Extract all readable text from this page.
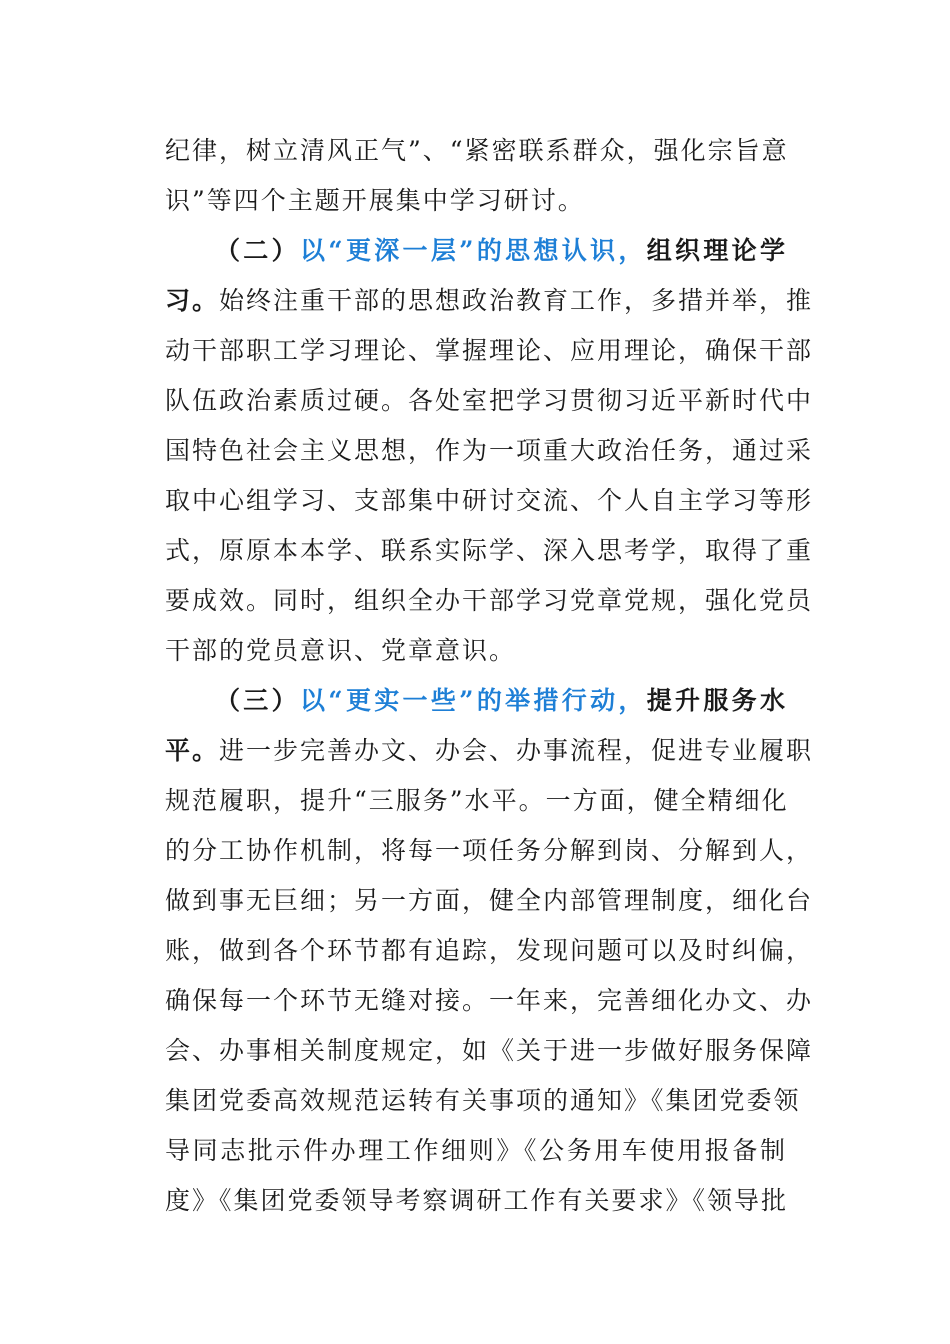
纪律，树立清风正气”、“紧密联系群众，强化宗旨意
识”等四个主题开展集中学习研讨。
（二）以“更深一层”的思想认识，组织理论学
习。始终注重干部的思想政治教育工作，多措并举，推
动干部职工学习理论、掌握理论、应用理论，确保干部
队伍政治素质过硬。各处室把学习贯彻习近平新时代中
国特色社会主义思想，作为一项重大政治任务，通过采
取中心组学习、支部集中研讨交流、个人自主学习等形
式，原原本本学、联系实际学、深入思考学，取得了重
要成效。同时，组织全办干部学习党章党规，强化党员
干部的党员意识、党章意识。
（三）以“更实一些”的举措行动，提升服务水
平。进一步完善办文、办会、办事流程，促进专业履职
规范履职，提升“三服务”水平。一方面，健全精细化
的分工协作机制，将每一项任务分解到岗、分解到人，
做到事无巨细；另一方面，健全内部管理制度，细化台
账，做到各个环节都有追踪，发现问题可以及时纠偏，
确保每一个环节无缝对接。一年来，完善细化办文、办
会、办事相关制度规定，如《关于进一步做好服务保障
集团党委高效规范运转有关事项的通知》《集团党委领
导同志批示件办理工作细则》《公务用车使用报备制
度》《集团党委领导考察调研工作有关要求》《领导批
